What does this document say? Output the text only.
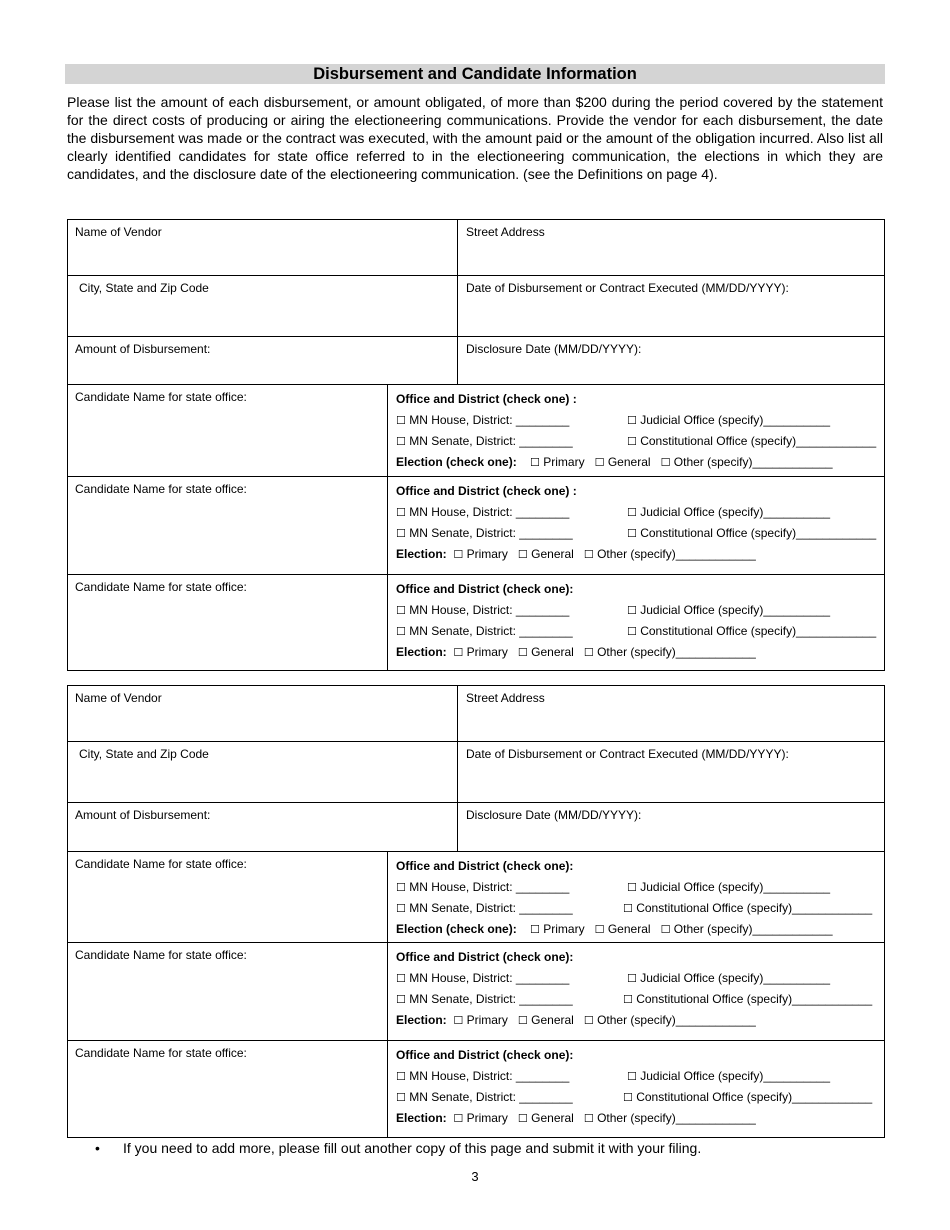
Disbursement and Candidate Information
Please list the amount of each disbursement, or amount obligated, of more than $200 during the period covered by the statement for the direct costs of producing or airing the electioneering communications. Provide the vendor for each disbursement, the date the disbursement was made or the contract was executed, with the amount paid or the amount of the obligation incurred. Also list all clearly identified candidates for state office referred to in the electioneering communication, the elections in which they are candidates, and the disclosure date of the electioneering communication. (see the Definitions on page 4).
Name of Vendor	Street Address
City, State and Zip Code	Date of Disbursement or Contract Executed (MM/DD/YYYY):
Amount of Disbursement:	Disclosure Date (MM/DD/YYYY):
Candidate Name for state office:	Office and District (check one) :
☐ MN House, District: ________	☐ Judicial Office (specify)__________
☐ MN Senate, District: ________	☐ Constitutional Office (specify)____________
Election (check one): ☐ Primary ☐ General ☐ Other (specify)____________
Candidate Name for state office:	Office and District (check one) :
☐ MN House, District: ________	☐ Judicial Office (specify)__________
☐ MN Senate, District: ________	☐ Constitutional Office (specify)____________
Election: ☐ Primary ☐ General ☐ Other (specify)____________
Candidate Name for state office:	Office and District (check one):
☐ MN House, District: ________	☐ Judicial Office (specify)__________
☐ MN Senate, District: ________	☐ Constitutional Office (specify)____________
Election: ☐ Primary ☐ General ☐ Other (specify)____________
Name of Vendor	Street Address
City, State and Zip Code	Date of Disbursement or Contract Executed (MM/DD/YYYY):
Amount of Disbursement:	Disclosure Date (MM/DD/YYYY):
Candidate Name for state office:	Office and District (check one):
☐ MN House, District: ________	☐ Judicial Office (specify)__________
☐ MN Senate, District: ________	☐ Constitutional Office (specify)____________
Election (check one): ☐ Primary ☐ General ☐ Other (specify)____________
Candidate Name for state office:	Office and District (check one):
☐ MN House, District: ________	☐ Judicial Office (specify)__________
☐ MN Senate, District: ________	☐ Constitutional Office (specify)____________
Election: ☐ Primary ☐ General ☐ Other (specify)____________
Candidate Name for state office:	Office and District (check one):
☐ MN House, District: ________	☐ Judicial Office (specify)__________
☐ MN Senate, District: ________	☐ Constitutional Office (specify)____________
Election: ☐ Primary ☐ General ☐ Other (specify)____________
• If you need to add more, please fill out another copy of this page and submit it with your filing.
3
